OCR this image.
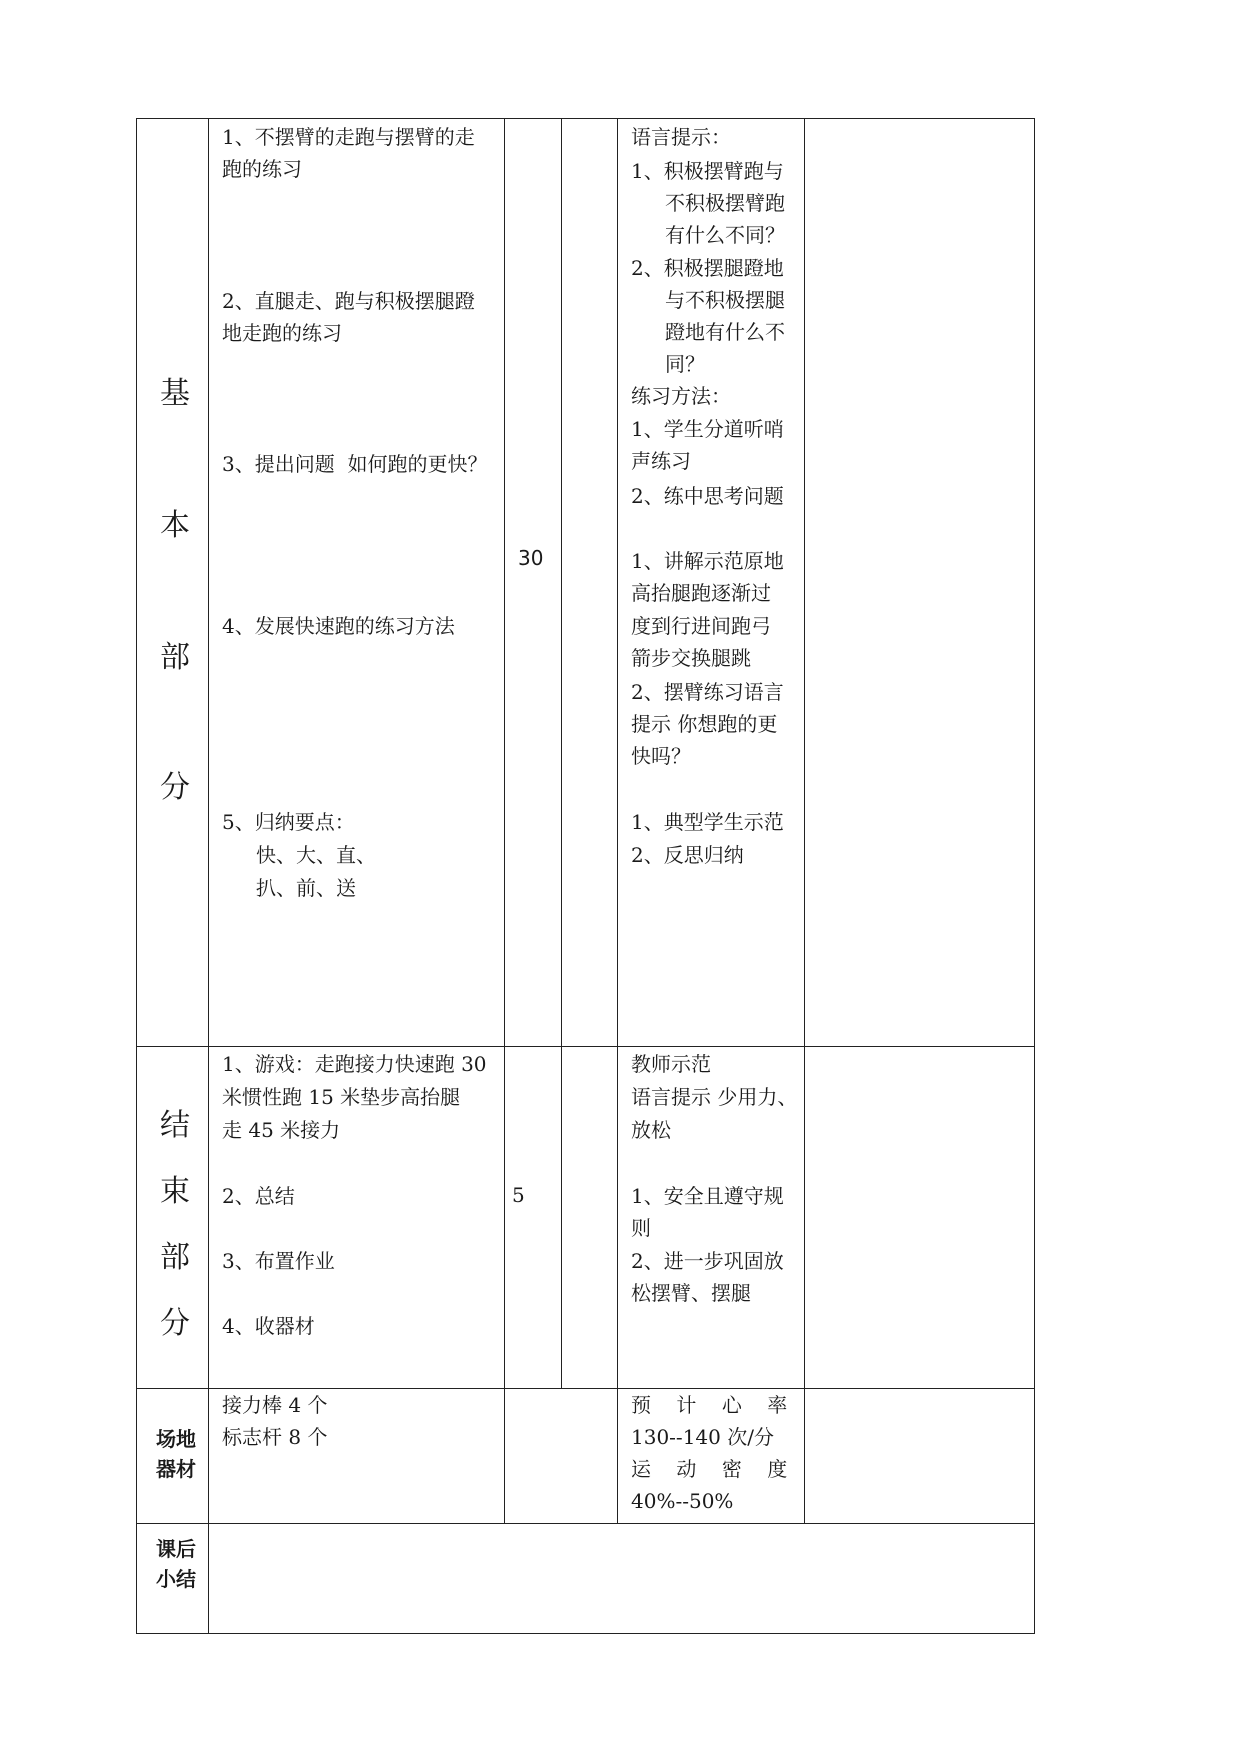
基
本
部
分
1、不摆臂的走跑与摆臂的走
跑的练习
2、直腿走、跑与积极摆腿蹬
地走跑的练习
3、提出问题  如何跑的更快？
4、发展快速跑的练习方法
5、归纳要点：
快、大、直、
扒、前、送
30
语言提示：
1、积极摆臂跑与
不积极摆臂跑
有什么不同？
2、积极摆腿蹬地
与不积极摆腿
蹬地有什么不
同？
练习方法：
1、学生分道听哨
声练习
2、练中思考问题
1、讲解示范原地
高抬腿跑逐渐过
度到行进间跑弓
箭步交换腿跳
2、摆臂练习语言
提示 你想跑的更
快吗？
1、典型学生示范
2、反思归纳
结
束
部
分
1、游戏：走跑接力快速跑 30
米惯性跑 15 米垫步高抬腿
走 45 米接力
2、总结
3、布置作业
4、收器材
5
教师示范
语言提示 少用力、
放松
1、安全且遵守规
则
2、进一步巩固放
松摆臂、摆腿
场地
器材
接力棒 4 个
标志杆 8 个
预    计    心    率
130--140 次/分
运    动    密    度
40%--50%
课后
小结
